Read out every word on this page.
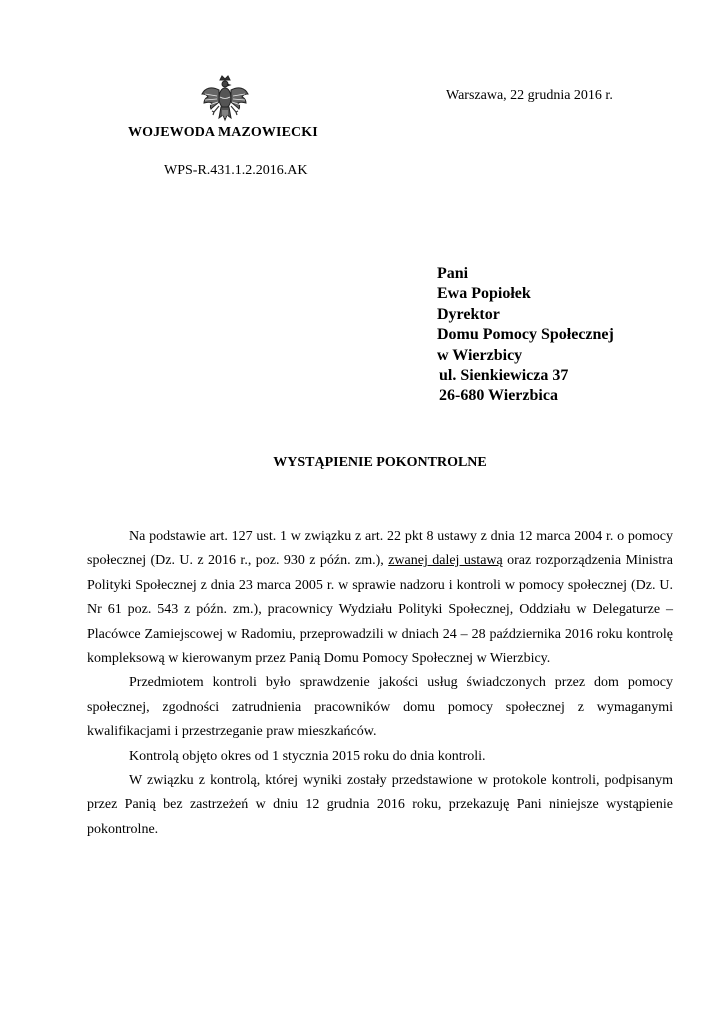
WOJEWODA MAZOWIECKI
WPS-R.431.1.2.2016.AK
Warszawa, 22 grudnia 2016 r.
Pani
Ewa Popiołek
Dyrektor
Domu Pomocy Społecznej
w Wierzbicy
ul. Sienkiewicza 37
26-680 Wierzbica
WYSTĄPIENIE POKONTROLNE

Na podstawie art. 127 ust. 1 w związku z art. 22 pkt 8 ustawy z dnia 12 marca 2004 r. o pomocy społecznej (Dz. U. z 2016 r., poz. 930 z późn. zm.), zwanej dalej ustawą oraz rozporządzenia Ministra Polityki Społecznej z dnia 23 marca 2005 r. w sprawie nadzoru i kontroli w pomocy społecznej (Dz. U. Nr 61 poz. 543 z późn. zm.), pracownicy Wydziału Polityki Społecznej, Oddziału w Delegaturze – Placówce Zamiejscowej w Radomiu, przeprowadzili w dniach 24 – 28 października 2016 roku kontrolę kompleksową w kierowanym przez Panią Domu Pomocy Społecznej w Wierzbicy.

Przedmiotem kontroli było sprawdzenie jakości usług świadczonych przez dom pomocy społecznej, zgodności zatrudnienia pracowników domu pomocy społecznej z wymaganymi kwalifikacjami i przestrzeganie praw mieszkańców.

Kontrolą objęto okres od 1 stycznia 2015 roku do dnia kontroli.

W związku z kontrolą, której wyniki zostały przedstawione w protokole kontroli, podpisanym przez Panią bez zastrzeżeń w dniu 12 grudnia 2016 roku, przekazuję Pani niniejsze wystąpienie pokontrolne.
